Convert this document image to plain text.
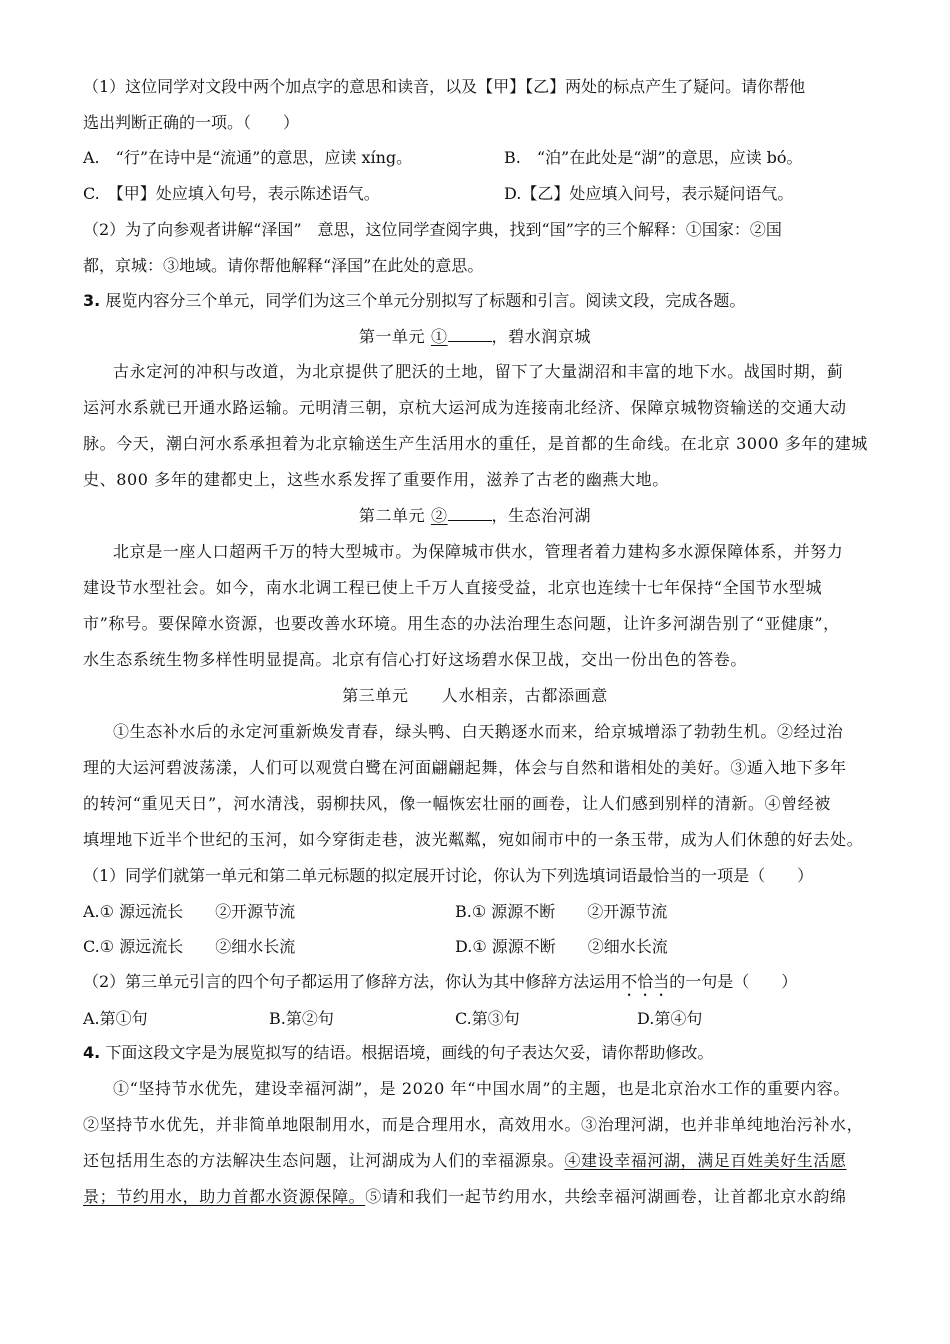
（1）这位同学对文段中两个加点字的意思和读音，以及【甲】【乙】两处的标点产生了疑问。请你帮他
选出判断正确的一项。（　　）
A.　“行”在诗中是“流通”的意思，应读 xíng。	B.　“泊”在此处是“湖”的意思，应读 bó。
C.　【甲】处应填入句号，表示陈述语气。	D.【乙】处应填入问号，表示疑问语气。
（2）为了向参观者讲解“泽国”　意思，这位同学查阅字典，找到“国”字的三个解释：①国家：②国
都，京城：③地域。请你帮他解释“泽国”在此处的意思。
3. 展览内容分三个单元，同学们为这三个单元分别拟写了标题和引言。阅读文段，完成各题。
第一单元 ①	，碧水润京城
古永定河的冲积与改道，为北京提供了肥沃的土地，留下了大量湖沼和丰富的地下水。战国时期，蓟
运河水系就已开通水路运输。元明清三朝，京杭大运河成为连接南北经济、保障京城物资输送的交通大动
脉。今天，潮白河水系承担着为北京输送生产生活用水的重任，是首都的生命线。在北京 3000 多年的建城
史、800 多年的建都史上，这些水系发挥了重要作用，滋养了古老的幽燕大地。
第二单元 ②	，生态治河湖
北京是一座人口超两千万的特大型城市。为保障城市供水，管理者着力建构多水源保障体系，并努力
建设节水型社会。如今，南水北调工程已使上千万人直接受益，北京也连续十七年保持“全国节水型城
市”称号。要保障水资源，也要改善水环境。用生态的办法治理生态问题，让许多河湖告别了“亚健康”，
水生态系统生物多样性明显提高。北京有信心打好这场碧水保卫战，交出一份出色的答卷。
第三单元　　人水相亲，古都添画意
①生态补水后的永定河重新焕发青春，绿头鸭、白天鹅逐水而来，给京城增添了勃勃生机。②经过治
理的大运河碧波荡漾，人们可以观赏白鹭在河面翩翩起舞，体会与自然和谐相处的美好。③遁入地下多年
的转河“重见天日”，河水清浅，弱柳扶风，像一幅恢宏壮丽的画卷，让人们感到别样的清新。④曾经被
填埋地下近半个世纪的玉河，如今穿街走巷，波光粼粼，宛如闹市中的一条玉带，成为人们休憩的好去处。
（1）同学们就第一单元和第二单元标题的拟定展开讨论，你认为下列选填词语最恰当的一项是（　　）
A.① 源远流长　　②开源节流	B.① 源源不断　　②开源节流
C.① 源远流长　　②细水长流	D.① 源源不断　　②细水长流
（2）第三单元引言的四个句子都运用了修辞方法，你认为其中修辞方法运用不恰当的一句是（　　）
A.第①句	B.第②句	C.第③句	D.第④句
4. 下面这段文字是为展览拟写的结语。根据语境，画线的句子表达欠妥，请你帮助修改。
①“坚持节水优先，建设幸福河湖”，是 2020 年“中国水周”的主题，也是北京治水工作的重要内容。
②坚持节水优先，并非简单地限制用水，而是合理用水，高效用水。③治理河湖，也并非单纯地治污补水，
还包括用生态的方法解决生态问题，让河湖成为人们的幸福源泉。④建设幸福河湖，满足百姓美好生活愿
景；节约用水，助力首都水资源保障。⑤请和我们一起节约用水，共绘幸福河湖画卷，让首都北京水韵绵
